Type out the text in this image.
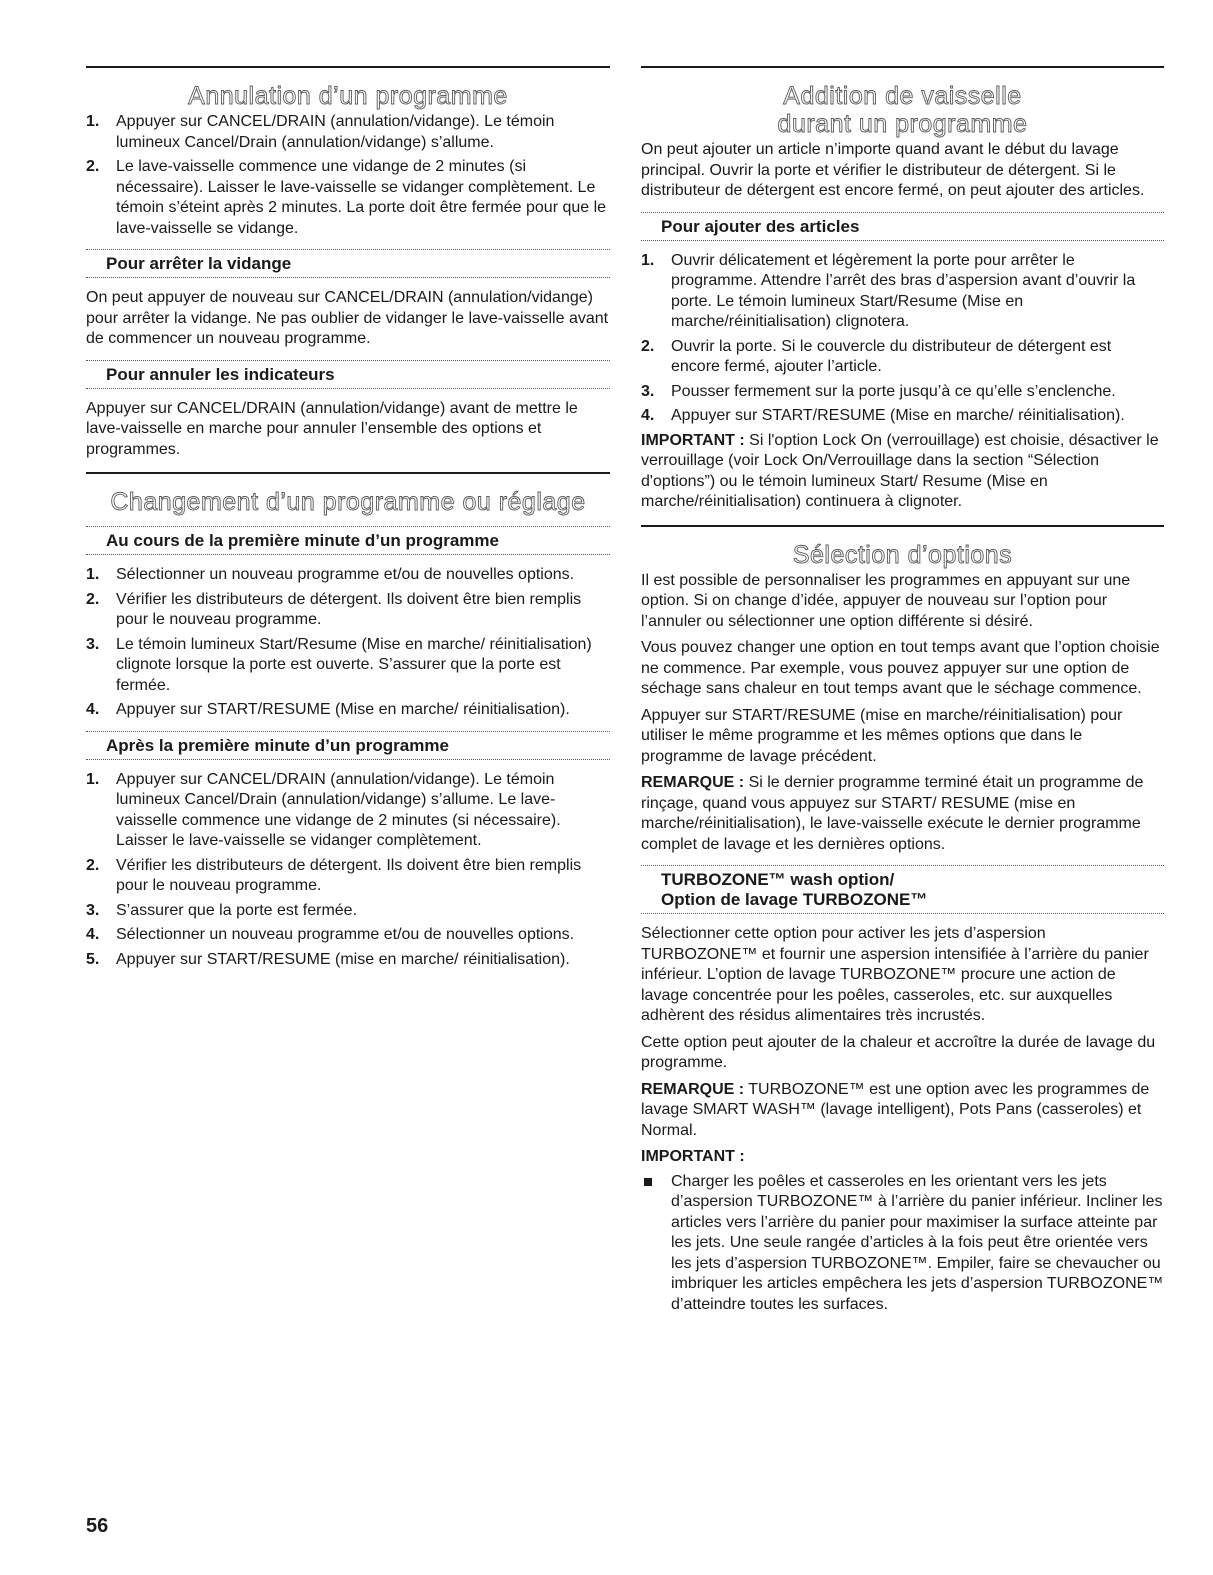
Annulation d’un programme
1. Appuyer sur CANCEL/DRAIN (annulation/vidange). Le témoin lumineux Cancel/Drain (annulation/vidange) s’allume.
2. Le lave-vaisselle commence une vidange de 2 minutes (si nécessaire). Laisser le lave-vaisselle se vidanger complètement. Le témoin s’éteint après 2 minutes. La porte doit être fermée pour que le lave-vaisselle se vidange.
Pour arrêter la vidange

On peut appuyer de nouveau sur CANCEL/DRAIN (annulation/vidange) pour arrêter la vidange. Ne pas oublier de vidanger le lave-vaisselle avant de commencer un nouveau programme.

Pour annuler les indicateurs

Appuyer sur CANCEL/DRAIN (annulation/vidange) avant de mettre le lave-vaisselle en marche pour annuler l’ensemble des options et programmes.

Changement d’un programme ou réglage
Au cours de la première minute d’un programme
1. Sélectionner un nouveau programme et/ou de nouvelles options.
2. Vérifier les distributeurs de détergent. Ils doivent être bien remplis pour le nouveau programme.
3. Le témoin lumineux Start/Resume (Mise en marche/ réinitialisation) clignote lorsque la porte est ouverte. S’assurer que la porte est fermée.
4. Appuyer sur START/RESUME (Mise en marche/ réinitialisation).
Après la première minute d’un programme
1. Appuyer sur CANCEL/DRAIN (annulation/vidange). Le témoin lumineux Cancel/Drain (annulation/vidange) s’allume. Le lave-vaisselle commence une vidange de 2 minutes (si nécessaire). Laisser le lave-vaisselle se vidanger complètement.
2. Vérifier les distributeurs de détergent. Ils doivent être bien remplis pour le nouveau programme.
3. S’assurer que la porte est fermée.
4. Sélectionner un nouveau programme et/ou de nouvelles options.
5. Appuyer sur START/RESUME (mise en marche/ réinitialisation).
Addition de vaisselle
durant un programme

On peut ajouter un article n’importe quand avant le début du lavage principal. Ouvrir la porte et vérifier le distributeur de détergent. Si le distributeur de détergent est encore fermé, on peut ajouter des articles.

Pour ajouter des articles
1. Ouvrir délicatement et légèrement la porte pour arrêter le programme. Attendre l’arrêt des bras d’aspersion avant d’ouvrir la porte. Le témoin lumineux Start/Resume (Mise en marche/réinitialisation) clignotera.
2. Ouvrir la porte. Si le couvercle du distributeur de détergent est encore fermé, ajouter l’article.
3. Pousser fermement sur la porte jusqu’à ce qu’elle s’enclenche.
4. Appuyer sur START/RESUME (Mise en marche/ réinitialisation).

IMPORTANT : Si l'option Lock On (verrouillage) est choisie, désactiver le verrouillage (voir Lock On/Verrouillage dans la section “Sélection d'options”) ou le témoin lumineux Start/ Resume (Mise en marche/réinitialisation) continuera à clignoter.

Sélection d’options

Il est possible de personnaliser les programmes en appuyant sur une option. Si on change d’idée, appuyer de nouveau sur l’option pour l’annuler ou sélectionner une option différente si désiré.

Vous pouvez changer une option en tout temps avant que l’option choisie ne commence. Par exemple, vous pouvez appuyer sur une option de séchage sans chaleur en tout temps avant que le séchage commence.

Appuyer sur START/RESUME (mise en marche/réinitialisation) pour utiliser le même programme et les mêmes options que dans le programme de lavage précédent.

REMARQUE : Si le dernier programme terminé était un programme de rinçage, quand vous appuyez sur START/ RESUME (mise en marche/réinitialisation), le lave-vaisselle exécute le dernier programme complet de lavage et les dernières options.

TURBOZONE™ wash option/
Option de lavage TURBOZONE™

Sélectionner cette option pour activer les jets d’aspersion TURBOZONE™ et fournir une aspersion intensifiée à l’arrière du panier inférieur. L’option de lavage TURBOZONE™ procure une action de lavage concentrée pour les poêles, casseroles, etc. sur auxquelles adhèrent des résidus alimentaires très incrustés.

Cette option peut ajouter de la chaleur et accroître la durée de lavage du programme.

REMARQUE : TURBOZONE™ est une option avec les programmes de lavage SMART WASH™ (lavage intelligent), Pots Pans (casseroles) et Normal.

IMPORTANT :

Charger les poêles et casseroles en les orientant vers les jets d’aspersion TURBOZONE™ à l’arrière du panier inférieur. Incliner les articles vers l’arrière du panier pour maximiser la surface atteinte par les jets. Une seule rangée d’articles à la fois peut être orientée vers les jets d’aspersion TURBOZONE™. Empiler, faire se chevaucher ou imbriquer les articles empêchera les jets d’aspersion TURBOZONE™ d’atteindre toutes les surfaces.
56
